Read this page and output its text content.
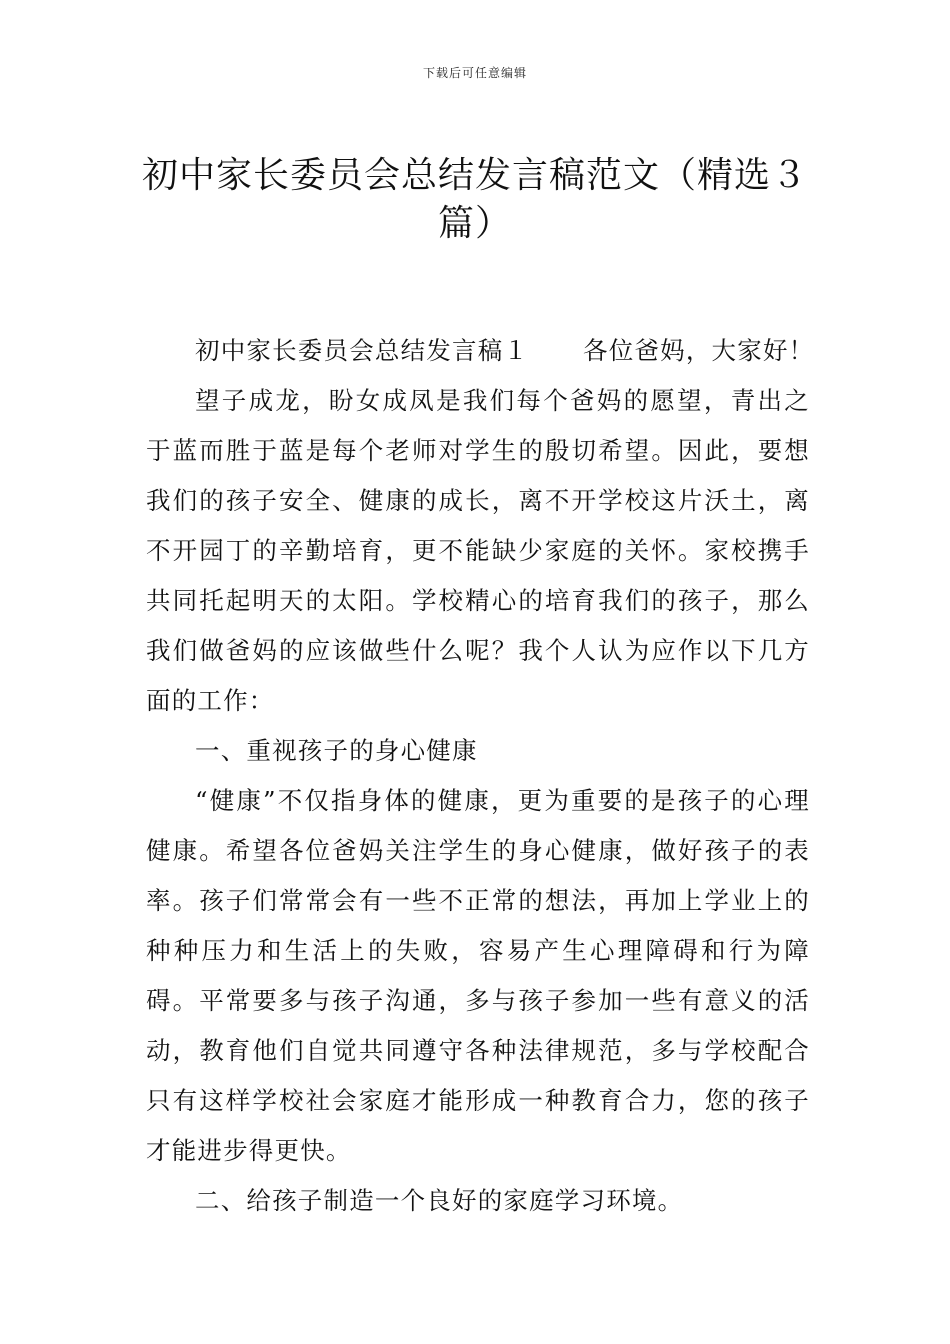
下载后可任意编辑
初中家长委员会总结发言稿范文（精选３篇）

初中家长委员会总结发言稿１ 各位爸妈，大家好！

望子成龙，盼女成凤是我们每个爸妈的愿望，青出之于蓝而胜于蓝是每个老师对学生的殷切希望。因此，要想我们的孩子安全、健康的成长，离不开学校这片沃土，离不开园丁的辛勤培育，更不能缺少家庭的关怀。家校携手共同托起明天的太阳。学校精心的培育我们的孩子，那么我们做爸妈的应该做些什么呢？我个人认为应作以下几方面的工作：

一、重视孩子的身心健康

“健康”不仅指身体的健康，更为重要的是孩子的心理健康。希望各位爸妈关注学生的身心健康，做好孩子的表率。孩子们常常会有一些不正常的想法，再加上学业上的种种压力和生活上的失败，容易产生心理障碍和行为障碍。平常要多与孩子沟通，多与孩子参加一些有意义的活动，教育他们自觉共同遵守各种法律规范，多与学校配合只有这样学校社会家庭才能形成一种教育合力，您的孩子才能进步得更快。

二、给孩子制造一个良好的家庭学习环境。
